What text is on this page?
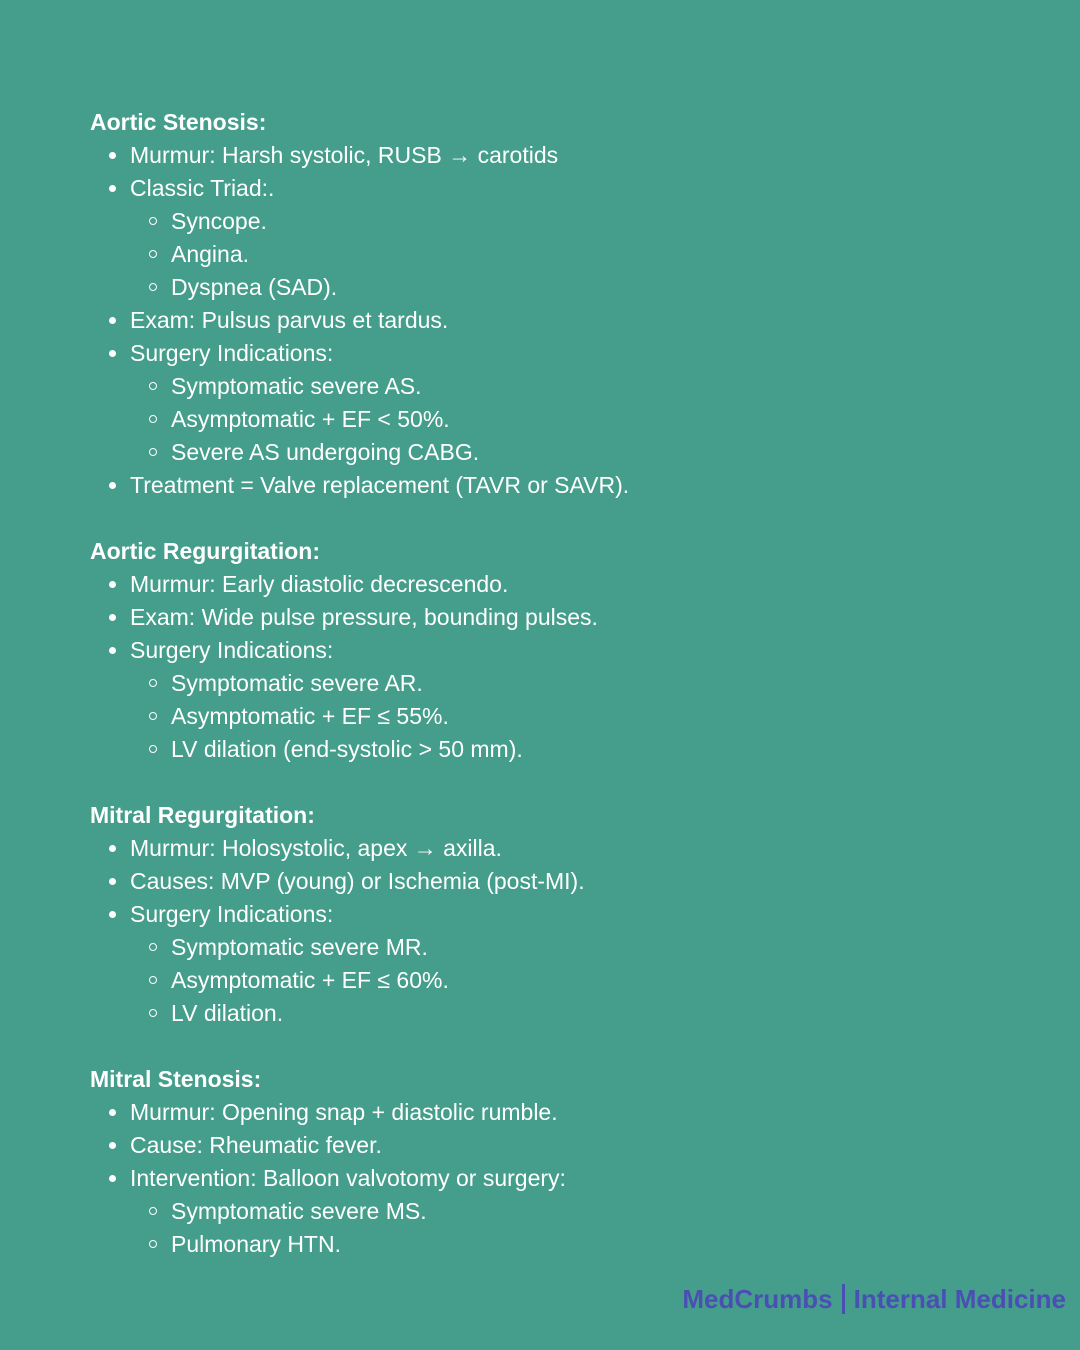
Aortic Stenosis:
Murmur: Harsh systolic, RUSB → carotids
Classic Triad:.
Syncope.
Angina.
Dyspnea (SAD).
Exam: Pulsus parvus et tardus.
Surgery Indications:
Symptomatic severe AS.
Asymptomatic + EF < 50%.
Severe AS undergoing CABG.
Treatment = Valve replacement (TAVR or SAVR).
Aortic Regurgitation:
Murmur: Early diastolic decrescendo.
Exam: Wide pulse pressure, bounding pulses.
Surgery Indications:
Symptomatic severe AR.
Asymptomatic + EF ≤ 55%.
LV dilation (end-systolic > 50 mm).
Mitral Regurgitation:
Murmur: Holosystolic, apex → axilla.
Causes: MVP (young) or Ischemia (post-MI).
Surgery Indications:
Symptomatic severe MR.
Asymptomatic + EF ≤ 60%.
LV dilation.
Mitral Stenosis:
Murmur: Opening snap + diastolic rumble.
Cause: Rheumatic fever.
Intervention: Balloon valvotomy or surgery:
Symptomatic severe MS.
Pulmonary HTN.
MedCrumbs Internal Medicine
